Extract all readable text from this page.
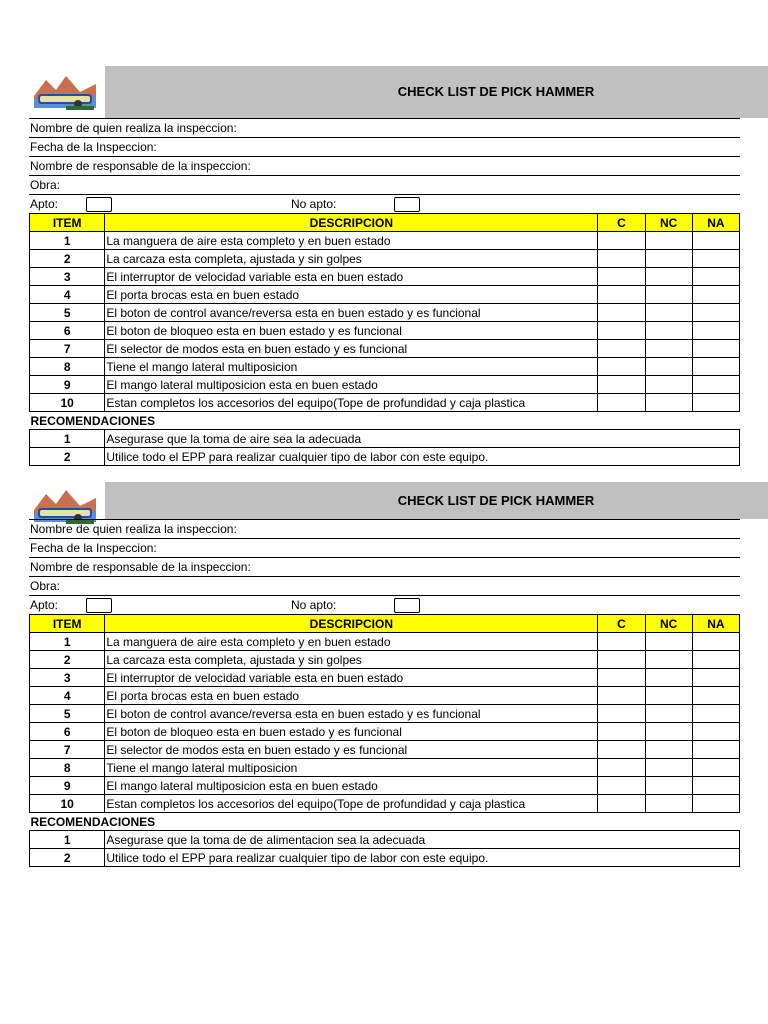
CHECK LIST DE PICK HAMMER
Nombre de quien realiza la inspeccion:
Fecha de la Inspeccion:
Nombre de responsable de la inspeccion:
Obra:
Apto:	No apto:
ITEM	DESCRIPCION	C	NC	NA
1	La manguera de aire esta completo y en buen estado			
2	La carcaza esta completa, ajustada y sin golpes			
3	El interruptor de velocidad variable esta en buen estado			
4	El porta brocas esta en buen estado			
5	El boton de control avance/reversa esta en buen estado y es funcional			
6	El boton de bloqueo esta en buen estado y es funcional			
7	El selector de modos esta en buen estado y es funcional			
8	Tiene el mango lateral multiposicion			
9	El mango lateral multiposicion esta en buen estado			
10	Estan completos los accesorios del equipo(Tope de profundidad y caja plastica			
RECOMENDACIONES				
1	Asegurase que la toma de aire sea la adecuada			
2	Utilice todo el EPP para realizar cualquier tipo de labor con este equipo.			
CHECK LIST DE PICK HAMMER
Nombre de quien realiza la inspeccion:
Fecha de la Inspeccion:
Nombre de responsable de la inspeccion:
Obra:
Apto:	No apto:
ITEM	DESCRIPCION	C	NC	NA
1	La manguera de aire esta completo y en buen estado			
2	La carcaza esta completa, ajustada y sin golpes			
3	El interruptor de velocidad variable esta en buen estado			
4	El porta brocas esta en buen estado			
5	El boton de control avance/reversa esta en buen estado y es funcional			
6	El boton de bloqueo esta en buen estado y es funcional			
7	El selector de modos esta en buen estado y es funcional			
8	Tiene el mango lateral multiposicion			
9	El mango lateral multiposicion esta en buen estado			
10	Estan completos los accesorios del equipo(Tope de profundidad y caja plastica			
RECOMENDACIONES				
1	Asegurase que la toma de de alimentacion sea la adecuada			
2	Utilice todo el EPP para realizar cualquier tipo de labor con este equipo.			
